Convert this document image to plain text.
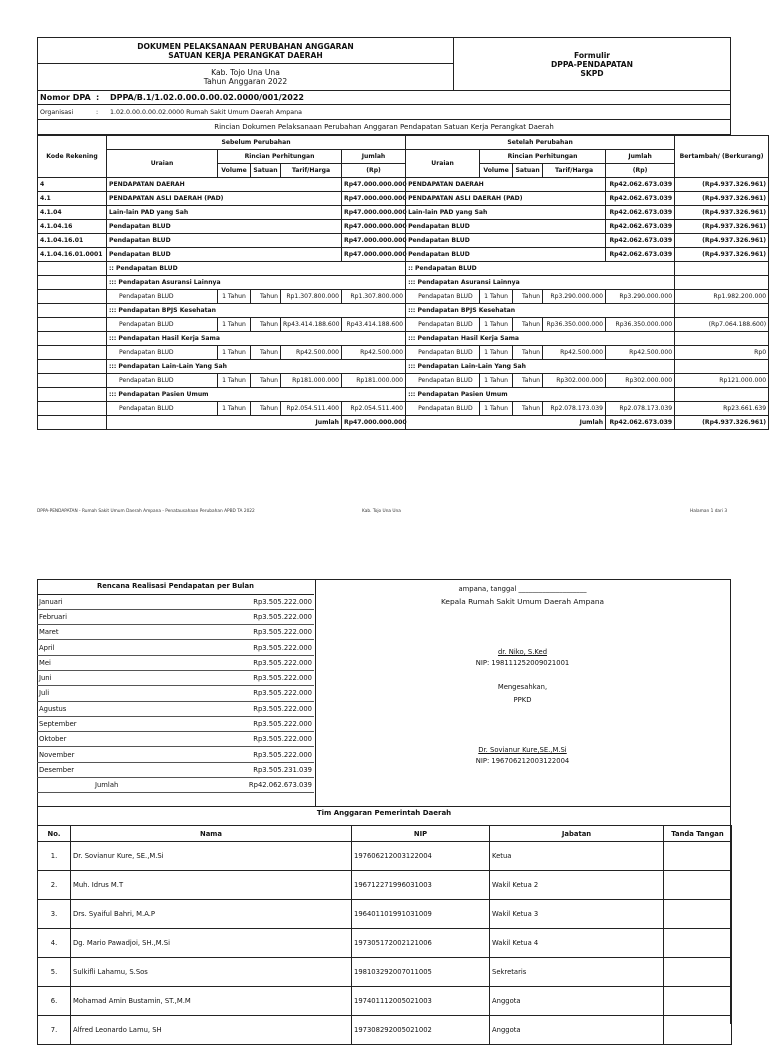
DOKUMEN PELAKSANAAN PERUBAHAN ANGGARAN
SATUAN KERJA PERANGKAT DAERAH	Formulir
DPPA-PENDAPATAN
SKPD

Kab. Tojo Una Una
Tahun Anggaran 2022
Nomor DPA :	DPPA/B.1/1.02.0.00.0.00.02.0000/001/2022
Organisasi	:	1.02.0.00.0.00.02.0000 Rumah Sakit Umum Daerah Ampana
Rincian Dokumen Pelaksanaan Perubahan Anggaran Pendapatan Satuan Kerja Perangkat Daerah
Kode Rekening	Sebelum Perubahan					Setelah Perubahan					Bertambah/ (Berkurang)
	Uraian	Rincian Perhitungan			Jumlah	Uraian	Rincian Perhitungan			Jumlah	
		Volume	Satuan	Tarif/Harga	(Rp)		Volume	Satuan	Tarif/Harga	(Rp)	
4	PENDAPATAN DAERAH				Rp47.000.000.000	PENDAPATAN DAERAH				Rp42.062.673.039	(Rp4.937.326.961)
4.1	PENDAPATAN ASLI DAERAH (PAD)				Rp47.000.000.000	PENDAPATAN ASLI DAERAH (PAD)				Rp42.062.673.039	(Rp4.937.326.961)
4.1.04	Lain-lain PAD yang Sah				Rp47.000.000.000	Lain-lain PAD yang Sah				Rp42.062.673.039	(Rp4.937.326.961)
4.1.04.16	Pendapatan BLUD				Rp47.000.000.000	Pendapatan BLUD				Rp42.062.673.039	(Rp4.937.326.961)
4.1.04.16.01	Pendapatan BLUD				Rp47.000.000.000	Pendapatan BLUD				Rp42.062.673.039	(Rp4.937.326.961)
4.1.04.16.01.0001	Pendapatan BLUD				Rp47.000.000.000	Pendapatan BLUD				Rp42.062.673.039	(Rp4.937.326.961)
	:: Pendapatan BLUD					:: Pendapatan BLUD					
	::: Pendapatan Asuransi Lainnya					::: Pendapatan Asuransi Lainnya					
	Pendapatan BLUD	1 Tahun	Tahun	Rp1.307.800.000	Rp1.307.800.000	Pendapatan BLUD	1 Tahun	Tahun	Rp3.290.000.000	Rp3.290.000.000	Rp1.982.200.000
	::: Pendapatan BPJS Kesehatan					::: Pendapatan BPJS Kesehatan					
	Pendapatan BLUD	1 Tahun	Tahun	Rp43.414.188.600	Rp43.414.188.600	Pendapatan BLUD	1 Tahun	Tahun	Rp36.350.000.000	Rp36.350.000.000	(Rp7.064.188.600)
	::: Pendapatan Hasil Kerja Sama					::: Pendapatan Hasil Kerja Sama					
	Pendapatan BLUD	1 Tahun	Tahun	Rp42.500.000	Rp42.500.000	Pendapatan BLUD	1 Tahun	Tahun	Rp42.500.000	Rp42.500.000	Rp0
	::: Pendapatan Lain-Lain Yang Sah					::: Pendapatan Lain-Lain Yang Sah					
	Pendapatan BLUD	1 Tahun	Tahun	Rp181.000.000	Rp181.000.000	Pendapatan BLUD	1 Tahun	Tahun	Rp302.000.000	Rp302.000.000	Rp121.000.000
	::: Pendapatan Pasien Umum					::: Pendapatan Pasien Umum					
	Pendapatan BLUD	1 Tahun	Tahun	Rp2.054.511.400	Rp2.054.511.400	Pendapatan BLUD	1 Tahun	Tahun	Rp2.078.173.039	Rp2.078.173.039	Rp23.661.639
	Jumlah				Rp47.000.000.000	Jumlah				Rp42.062.673.039	(Rp4.937.326.961)
DPPA-PENDAPATAN - Rumah Sakit Umum Daerah Ampana - Penatausahaan Perubahan APBD TA 2022	Kab. Tojo Una Una	Halaman 1 dari 3
Rencana Realisasi Pendapatan per Bulan	
Januari	Rp3.505.222.000
Februari	Rp3.505.222.000
Maret	Rp3.505.222.000
April	Rp3.505.222.000
Mei	Rp3.505.222.000
Juni	Rp3.505.222.000
Juli	Rp3.505.222.000
Agustus	Rp3.505.222.000
September	Rp3.505.222.000
Oktober	Rp3.505.222.000
November	Rp3.505.222.000
Desember	Rp3.505.231.039
Jumlah	Rp42.062.673.039
ampana, tanggal ____________________
Kepala Rumah Sakit Umum Daerah Ampana
dr. Niko, S.Ked
NIP: 198111252009021001
Mengesahkan,
PPKD
Dr. Sovianur Kure,SE.,M.Si
NIP: 196706212003122004
Tim Anggaran Pemerintah Daerah
No.	Nama	NIP	Jabatan	Tanda Tangan
1.	Dr. Sovianur Kure, SE.,M.Si	197606212003122004	Ketua	
2.	Muh. Idrus M.T	196712271996031003	Wakil Ketua 2	
3.	Drs. Syaiful Bahri, M.A.P	196401101991031009	Wakil Ketua 3	
4.	Dg. Mario Pawadjoi, SH.,M.Si	197305172002121006	Wakil Ketua 4	
5.	Sulkifli Lahamu, S.Sos	198103292007011005	Sekretaris	
6.	Mohamad Amin Bustamin, ST.,M.M	197401112005021003	Anggota	
7.	Alfred Leonardo Lamu, SH	197308292005021002	Anggota	
